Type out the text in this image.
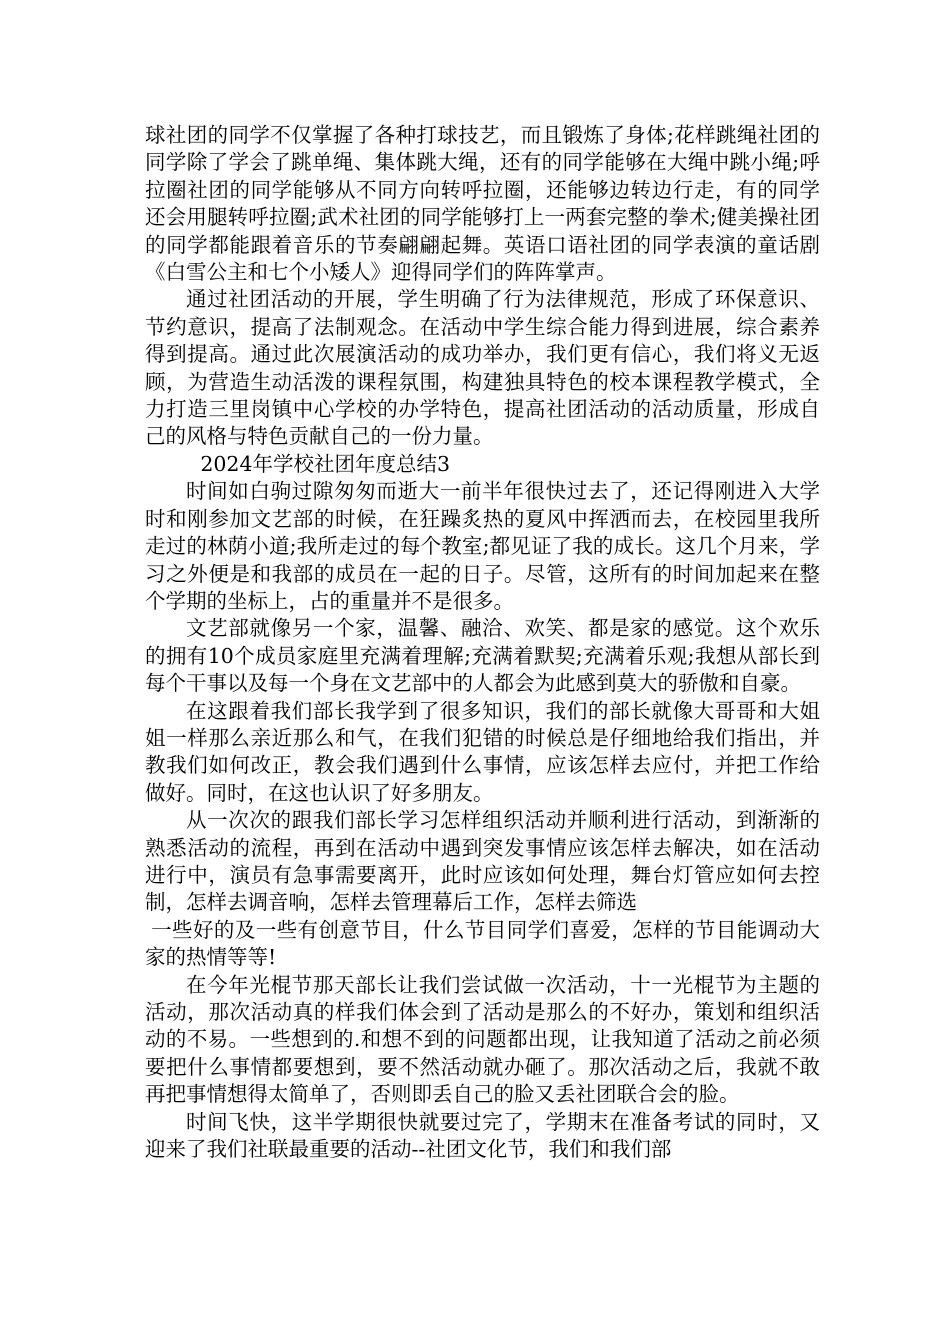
球社团的同学不仅掌握了各种打球技艺，而且锻炼了身体;花样跳绳社团的同学除了学会了跳单绳、集体跳大绳，还有的同学能够在大绳中跳小绳;呼拉圈社团的同学能够从不同方向转呼拉圈，还能够边转边行走，有的同学还会用腿转呼拉圈;武术社团的同学能够打上一两套完整的拳术;健美操社团的同学都能跟着音乐的节奏翩翩起舞。英语口语社团的同学表演的童话剧《白雪公主和七个小矮人》迎得同学们的阵阵掌声。

通过社团活动的开展，学生明确了行为法律规范，形成了环保意识、节约意识，提高了法制观念。在活动中学生综合能力得到进展，综合素养得到提高。通过此次展演活动的成功举办，我们更有信心，我们将义无返顾，为营造生动活泼的课程氛围，构建独具特色的校本课程教学模式，全力打造三里岗镇中心学校的办学特色，提高社团活动的活动质量，形成自己的风格与特色贡献自己的一份力量。

2024年学校社团年度总结3

时间如白驹过隙匆匆而逝大一前半年很快过去了，还记得刚进入大学时和刚参加文艺部的时候，在狂躁炙热的夏风中挥洒而去，在校园里我所走过的林荫小道;我所走过的每个教室;都见证了我的成长。这几个月来，学习之外便是和我部的成员在一起的日子。尽管，这所有的时间加起来在整个学期的坐标上，占的重量并不是很多。

文艺部就像另一个家，温馨、融洽、欢笑、都是家的感觉。这个欢乐的拥有10个成员家庭里充满着理解;充满着默契;充满着乐观;我想从部长到每个干事以及每一个身在文艺部中的人都会为此感到莫大的骄傲和自豪。

在这跟着我们部长我学到了很多知识，我们的部长就像大哥哥和大姐姐一样那么亲近那么和气，在我们犯错的时候总是仔细地给我们指出，并教我们如何改正，教会我们遇到什么事情，应该怎样去应付，并把工作给做好。同时，在这也认识了好多朋友。

从一次次的跟我们部长学习怎样组织活动并顺利进行活动，到渐渐的熟悉活动的流程，再到在活动中遇到突发事情应该怎样去解决，如在活动进行中，演员有急事需要离开，此时应该如何处理，舞台灯管应如何去控制，怎样去调音响，怎样去管理幕后工作，怎样去筛选

一些好的及一些有创意节目，什么节目同学们喜爱，怎样的节目能调动大家的热情等等!

在今年光棍节那天部长让我们尝试做一次活动，十一光棍节为主题的活动，那次活动真的样我们体会到了活动是那么的不好办，策划和组织活动的不易。一些想到的.和想不到的问题都出现，让我知道了活动之前必须要把什么事情都要想到，要不然活动就办砸了。那次活动之后，我就不敢再把事情想得太简单了，否则即丢自己的脸又丢社团联合会的脸。

时间飞快，这半学期很快就要过完了，学期末在准备考试的同时，又迎来了我们社联最重要的活动--社团文化节，我们和我们部
